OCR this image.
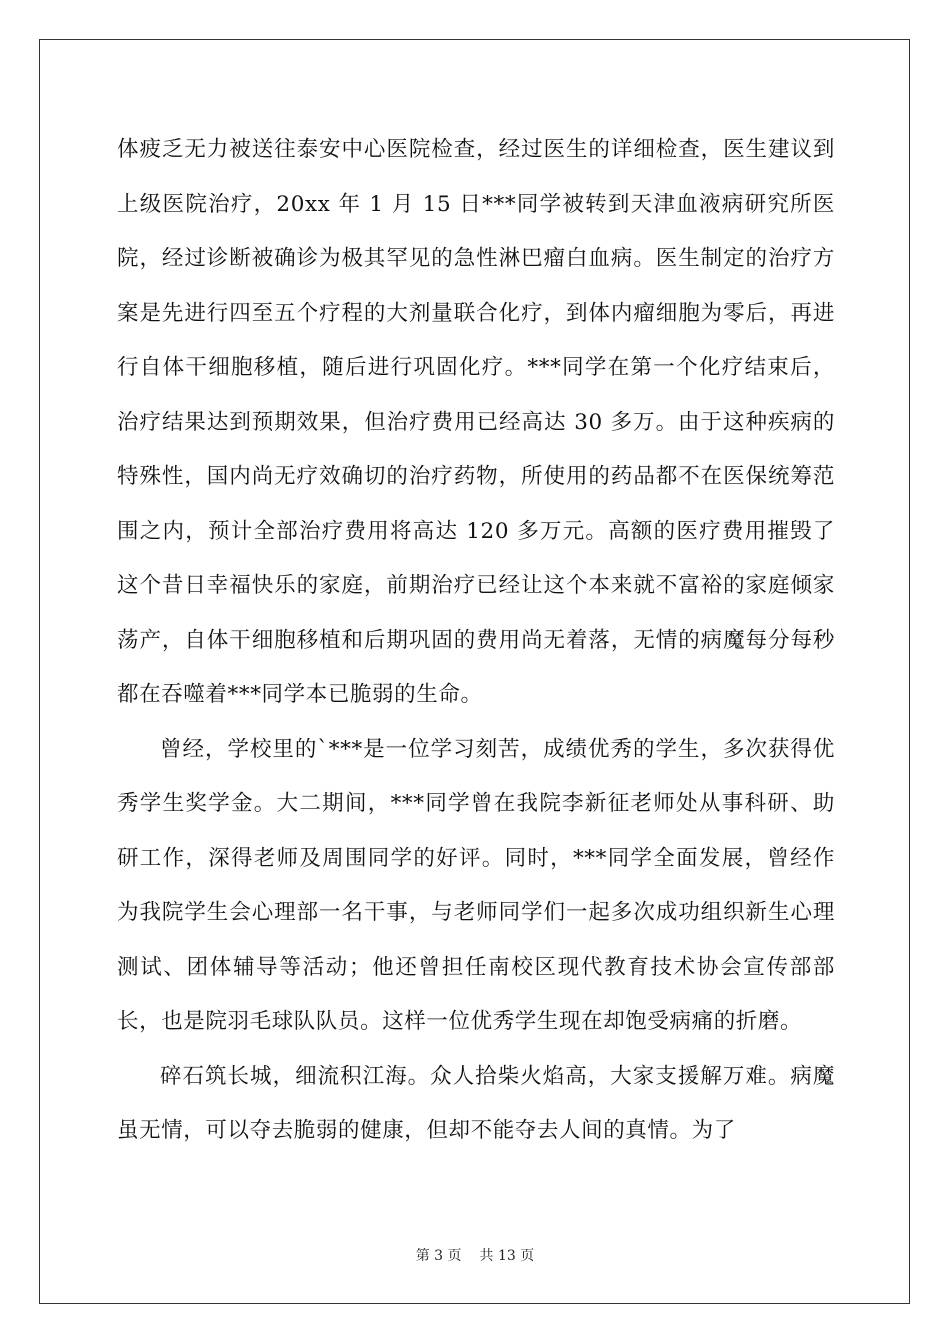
体疲乏无力被送往泰安中心医院检查，经过医生的详细检查，医生建议到上级医院治疗，20xx 年 1 月 15 日***同学被转到天津血液病研究所医院，经过诊断被确诊为极其罕见的急性淋巴瘤白血病。医生制定的治疗方案是先进行四至五个疗程的大剂量联合化疗，到体内瘤细胞为零后，再进行自体干细胞移植，随后进行巩固化疗。***同学在第一个化疗结束后，治疗结果达到预期效果，但治疗费用已经高达 30 多万。由于这种疾病的特殊性，国内尚无疗效确切的治疗药物，所使用的药品都不在医保统筹范围之内，预计全部治疗费用将高达 120 多万元。高额的医疗费用摧毁了这个昔日幸福快乐的家庭，前期治疗已经让这个本来就不富裕的家庭倾家荡产，自体干细胞移植和后期巩固的费用尚无着落，无情的病魔每分每秒都在吞噬着***同学本已脆弱的生命。

曾经，学校里的`***是一位学习刻苦，成绩优秀的学生，多次获得优秀学生奖学金。大二期间，***同学曾在我院李新征老师处从事科研、助研工作，深得老师及周围同学的好评。同时，***同学全面发展，曾经作为我院学生会心理部一名干事，与老师同学们一起多次成功组织新生心理测试、团体辅导等活动；他还曾担任南校区现代教育技术协会宣传部部长，也是院羽毛球队队员。这样一位优秀学生现在却饱受病痛的折磨。

碎石筑长城，细流积江海。众人拾柴火焰高，大家支援解万难。病魔虽无情，可以夺去脆弱的健康，但却不能夺去人间的真情。为了

第 3 页 共 13 页
